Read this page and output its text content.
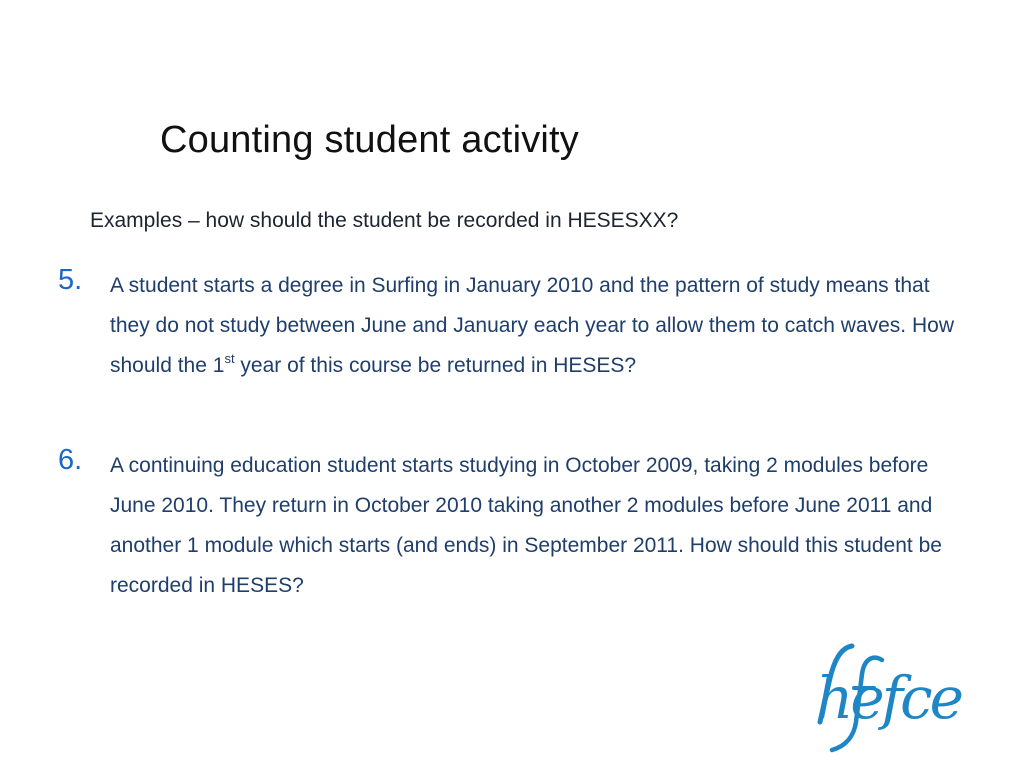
Counting student activity
Examples – how should the student be recorded in HESESXX?
5. A student starts a degree in Surfing in January 2010 and the pattern of study means that they do not study between June and January each year to allow them to catch waves. How should the 1st year of this course be returned in HESES?
6. A continuing education student starts studying in October 2009, taking 2 modules before June 2010. They return in October 2010 taking another 2 modules before June 2011 and another 1 module which starts (and ends) in September 2011. How should this student be recorded in HESES?
hefce
